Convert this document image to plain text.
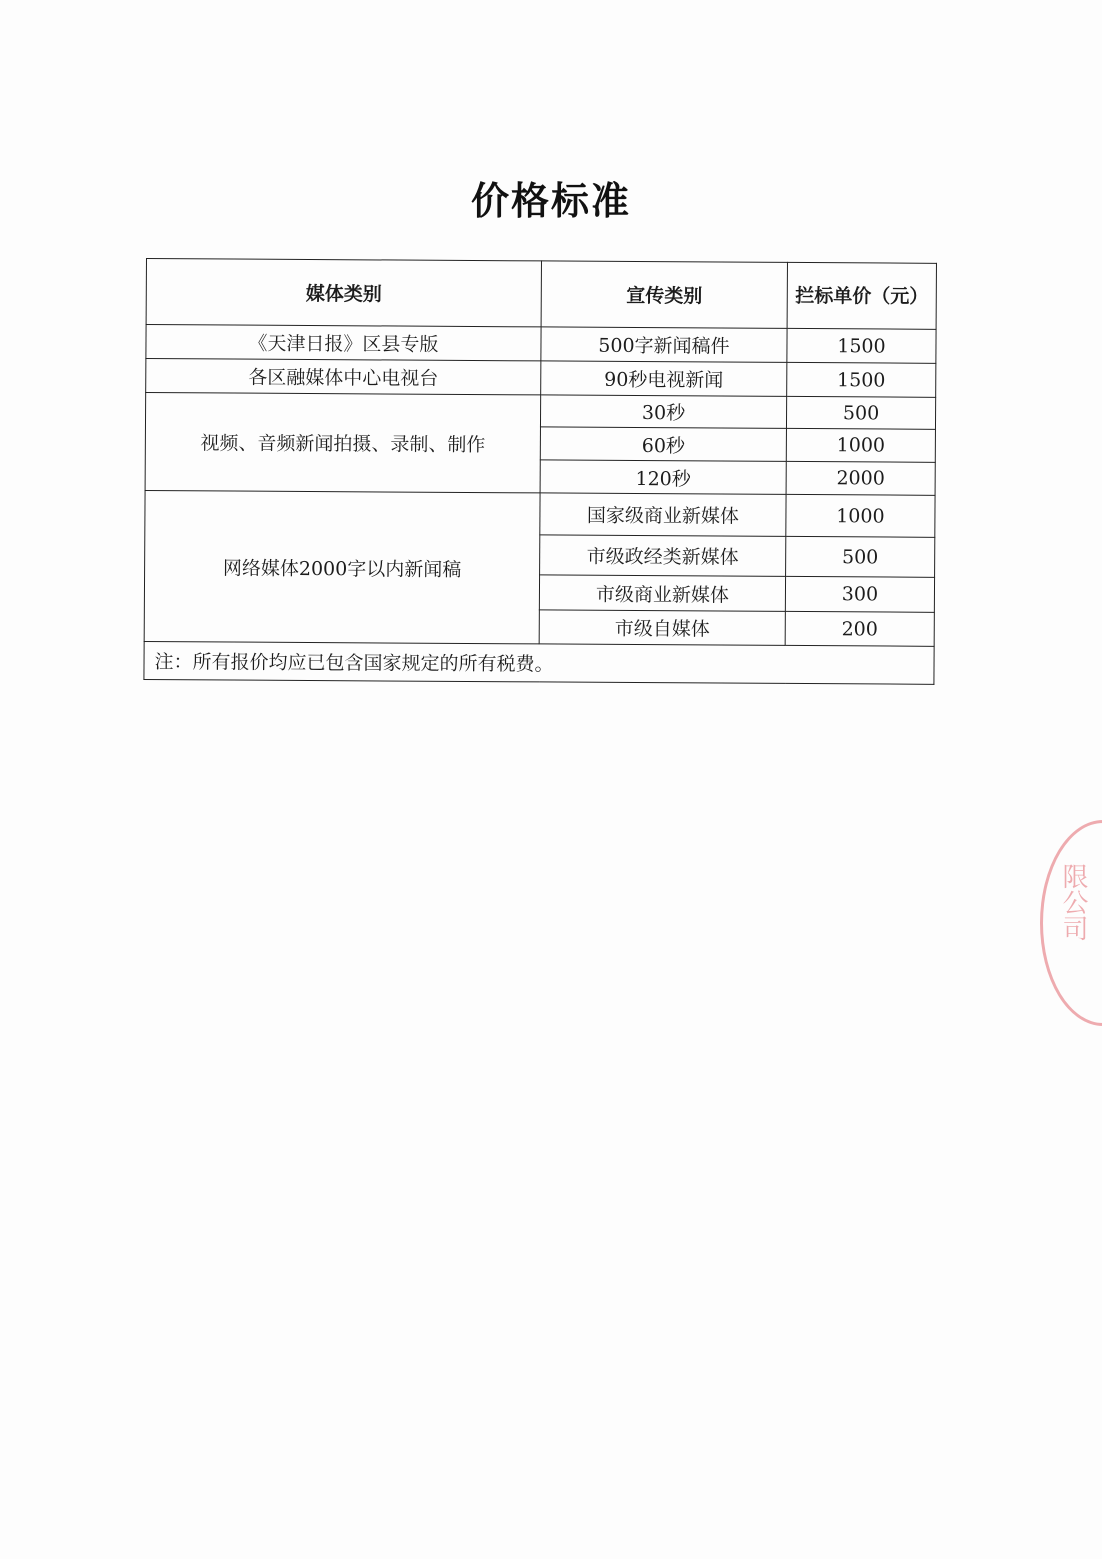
价格标准
媒体类别	宣传类别	拦标单价（元）
《天津日报》区县专版	500字新闻稿件	1500
各区融媒体中心电视台	90秒电视新闻	1500
视频、音频新闻拍摄、录制、制作	30秒	500
	60秒	1000
	120秒	2000
网络媒体2000字以内新闻稿	国家级商业新媒体	1000
	市级政经类新媒体	500
	市级商业新媒体	300
	市级自媒体	200
注：所有报价均应已包含国家规定的所有税费。		
限公司
